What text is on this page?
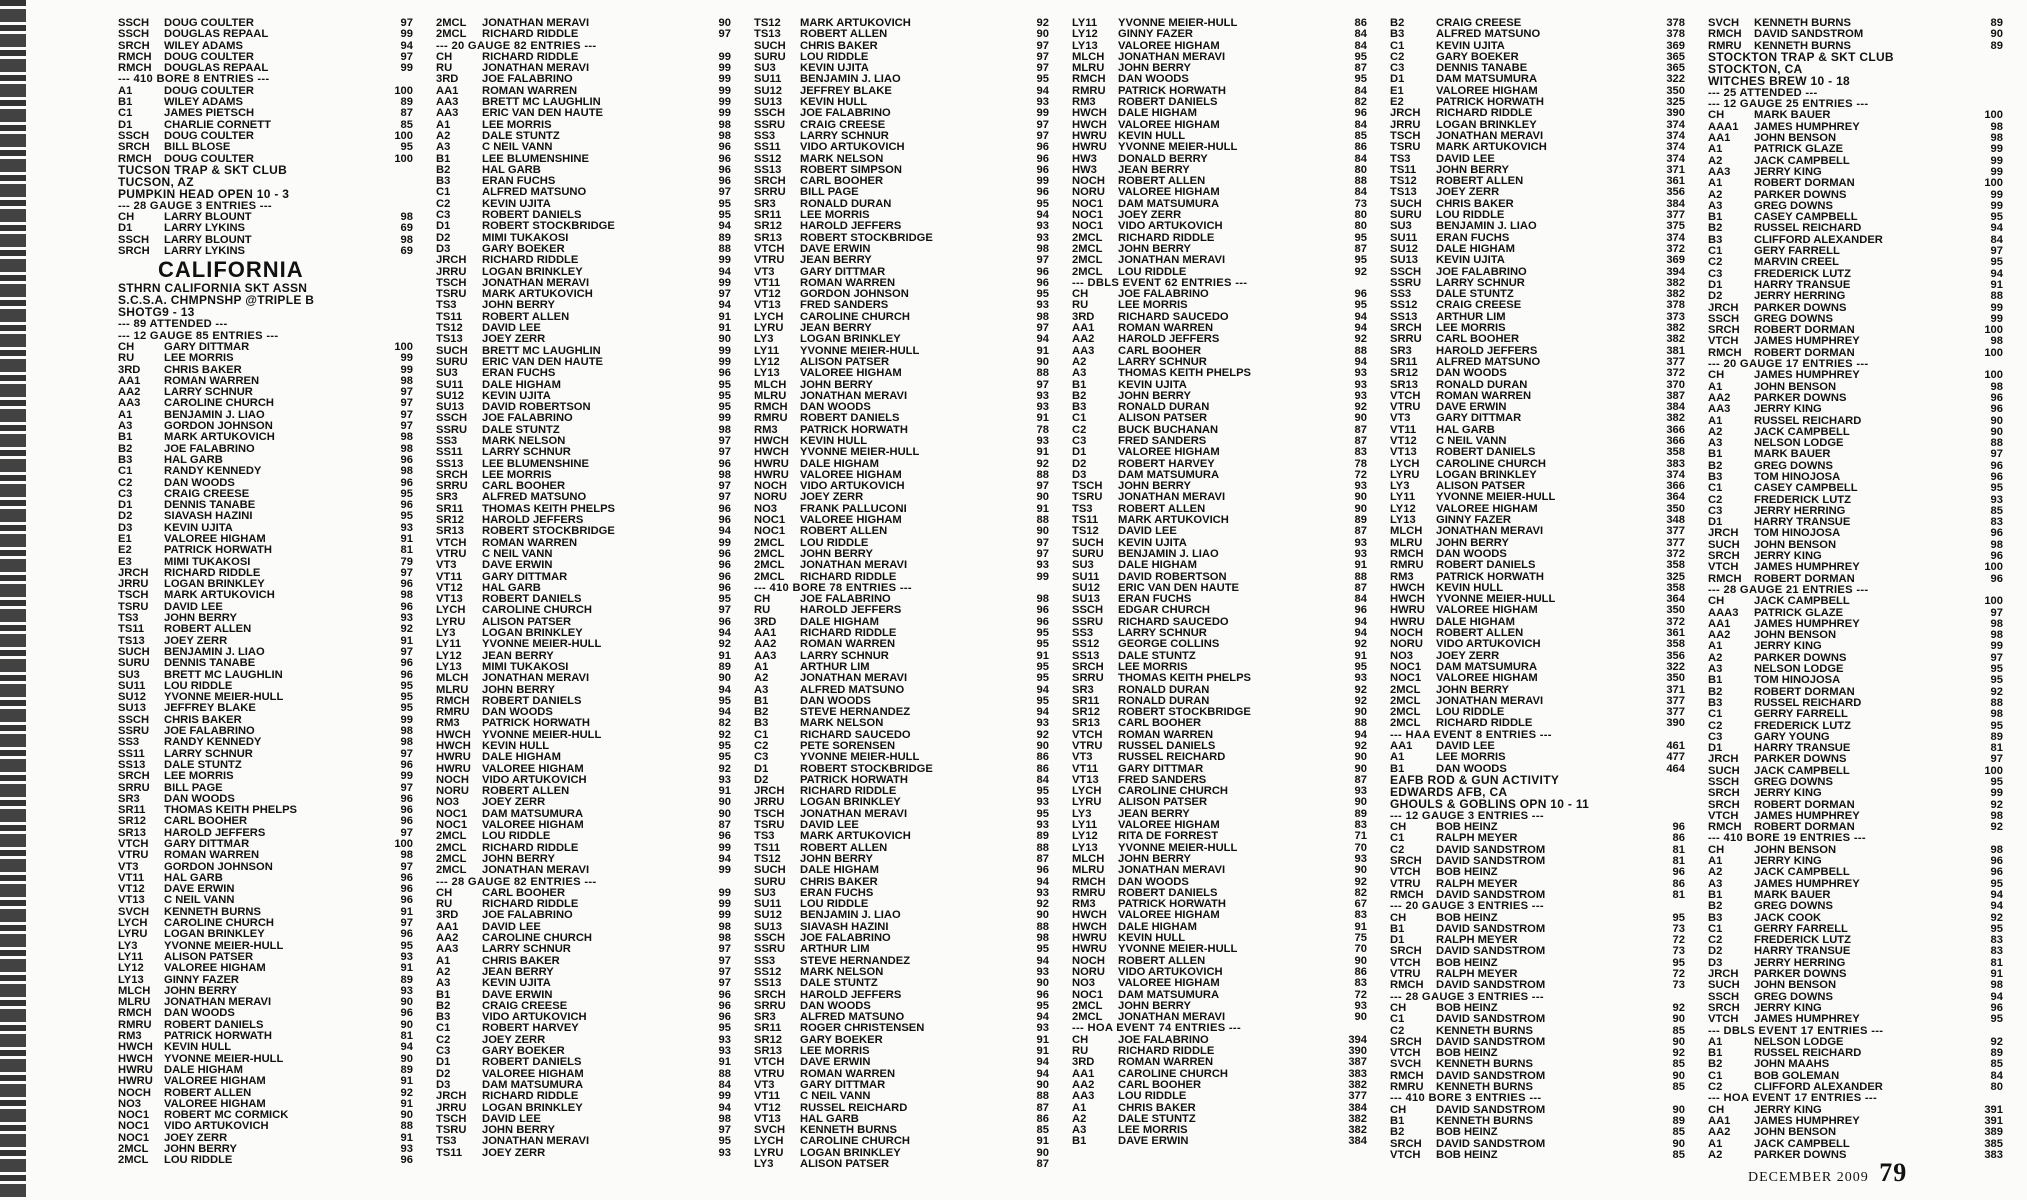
SSCH	DOUG COULTER	97
SSCH	DOUGLAS REPAAL	99
SRCH	WILEY ADAMS	94
RMCH	DOUG COULTER	97
RMCH	DOUGLAS REPAAL	99
--- 410 BORE 8 ENTRIES ---
A1	DOUG COULTER	100
B1	WILEY ADAMS	89
C1	JAMES PIETSCH	87
D1	CHARLIE CORNETT	85
SSCH	DOUG COULTER	100
SRCH	BILL BLOSE	95
RMCH	DOUG COULTER	100
TUCSON TRAP & SKT CLUB
TUCSON, AZ
PUMPKIN HEAD OPEN 10 - 3
--- 28 GAUGE 3 ENTRIES ---
CH	LARRY BLOUNT	98
D1	LARRY LYKINS	69
SSCH	LARRY BLOUNT	98
SRCH	LARRY LYKINS	69
CALIFORNIA
STHRN CALIFORNIA SKT ASSN
S.C.S.A. CHMPNSHP @TRIPLE B
SHOTG9 - 13
--- 89 ATTENDED ---
--- 12 GAUGE 85 ENTRIES ---
CH	GARY DITTMAR	100
RU	LEE MORRIS	99
3RD	CHRIS BAKER	99
AA1	ROMAN WARREN	98
AA2	LARRY SCHNUR	97
AA3	CAROLINE CHURCH	97
A1	BENJAMIN J. LIAO	97
A3	GORDON JOHNSON	97
B1	MARK ARTUKOVICH	98
B2	JOE FALABRINO	98
B3	HAL GARB	96
C1	RANDY KENNEDY	98
C2	DAN WOODS	96
C3	CRAIG CREESE	95
D1	DENNIS TANABE	96
D2	SIAVASH HAZINI	95
D3	KEVIN UJITA	93
E1	VALOREE HIGHAM	91
E2	PATRICK HORWATH	81
E3	MIMI TUKAKOSI	79
JRCH	RICHARD RIDDLE	97
JRRU	LOGAN BRINKLEY	96
TSCH	MARK ARTUKOVICH	98
TSRU	DAVID LEE	96
TS3	JOHN BERRY	93
TS11	ROBERT ALLEN	92
TS13	JOEY ZERR	91
SUCH	BENJAMIN J. LIAO	97
SURU	DENNIS TANABE	96
SU3	BRETT MC LAUGHLIN	96
SU11	LOU RIDDLE	95
SU12	YVONNE MEIER-HULL	95
SU13	JEFFREY BLAKE	95
SSCH	CHRIS BAKER	99
SSRU	JOE FALABRINO	98
SS3	RANDY KENNEDY	98
SS11	LARRY SCHNUR	97
SS13	DALE STUNTZ	96
SRCH	LEE MORRIS	99
SRRU	BILL PAGE	97
SR3	DAN WOODS	96
SR11	THOMAS KEITH PHELPS	96
SR12	CARL BOOHER	96
SR13	HAROLD JEFFERS	97
VTCH	GARY DITTMAR	100
VTRU	ROMAN WARREN	98
VT3	GORDON JOHNSON	97
VT11	HAL GARB	96
VT12	DAVE ERWIN	96
VT13	C NEIL VANN	96
SVCH	KENNETH BURNS	91
LYCH	CAROLINE CHURCH	97
LYRU	LOGAN BRINKLEY	96
LY3	YVONNE MEIER-HULL	95
LY11	ALISON PATSER	93
LY12	VALOREE HIGHAM	91
LY13	GINNY FAZER	89
MLCH	JOHN BERRY	93
MLRU	JONATHAN MERAVI	90
RMCH	DAN WOODS	96
RMRU	ROBERT DANIELS	90
RM3	PATRICK HORWATH	81
HWCH KEVIN HULL	94
HWCH YVONNE MEIER-HULL	90
HWRU DALE HIGHAM	89
HWRU VALOREE HIGHAM	91
NOCH	ROBERT ALLEN	92
NO3	VALOREE HIGHAM	91
NOC1	ROBERT MC CORMICK	90
NOC1	VIDO ARTUKOVICH	88
NOC1	JOEY ZERR	91
2MCL	JOHN BERRY	93
2MCL	LOU RIDDLE	96
2MCL	JONATHAN MERAVI	90
2MCL	RICHARD RIDDLE	97
--- 20 GAUGE 82 ENTRIES ---
CH	RICHARD RIDDLE	99
RU	JONATHAN MERAVI	99
3RD	JOE FALABRINO	99
AA1	ROMAN WARREN	99
AA3	BRETT MC LAUGHLIN	99
AA3	ERIC VAN DEN HAUTE	99
A1	LEE MORRIS	98
A2	DALE STUNTZ	98
A3	C NEIL VANN	96
B1	LEE BLUMENSHINE	96
B2	HAL GARB	96
B3	ERAN FUCHS	96
C1	ALFRED MATSUNO	97
C2	KEVIN UJITA	95
C3	ROBERT DANIELS	95
D1	ROBERT STOCKBRIDGE	94
D2	MIMI TUKAKOSI	89
D3	GARY BOEKER	88
JRCH	RICHARD RIDDLE	99
JRRU	LOGAN BRINKLEY	94
TSCH	JONATHAN MERAVI	99
TSRU	MARK ARTUKOVICH	97
TS3	JOHN BERRY	94
TS11	ROBERT ALLEN	91
TS12	DAVID LEE	91
TS13	JOEY ZERR	90
SUCH	BRETT MC LAUGHLIN	99
SURU	ERIC VAN DEN HAUTE	99
SU3	ERAN FUCHS	96
SU11	DALE HIGHAM	95
SU12	KEVIN UJITA	95
SU13	DAVID ROBERTSON	95
SSCH	JOE FALABRINO	99
SSRU	DALE STUNTZ	98
SS3	MARK NELSON	97
SS11	LARRY SCHNUR	97
SS13	LEE BLUMENSHINE	96
SRCH	LEE MORRIS	98
SRRU	CARL BOOHER	97
SR3	ALFRED MATSUNO	97
SR11	THOMAS KEITH PHELPS	96
SR12	HAROLD JEFFERS	96
SR13	ROBERT STOCKBRIDGE	94
VTCH	ROMAN WARREN	99
VTRU	C NEIL VANN	96
VT3	DAVE ERWIN	96
VT11	GARY DITTMAR	96
VT12	HAL GARB	96
VT13	ROBERT DANIELS	95
LYCH	CAROLINE CHURCH	97
LYRU	ALISON PATSER	96
LY3	LOGAN BRINKLEY	94
LY11	YVONNE MEIER-HULL	92
LY12	JEAN BERRY	91
LY13	MIMI TUKAKOSI	89
MLCH	JONATHAN MERAVI	90
MLRU	JOHN BERRY	94
RMCH	ROBERT DANIELS	95
RMRU	DAN WOODS	94
RM3	PATRICK HORWATH	82
HWCH YVONNE MEIER-HULL	92
HWCH KEVIN HULL	95
HWRU DALE HIGHAM	95
HWRU VALOREE HIGHAM	92
NOCH	VIDO ARTUKOVICH	93
NORU	ROBERT ALLEN	91
NO3	JOEY ZERR	90
NOC1	DAM MATSUMURA	90
NOC1	VALOREE HIGHAM	87
2MCL	LOU RIDDLE	96
2MCL	RICHARD RIDDLE	99
2MCL	JOHN BERRY	94
2MCL	JONATHAN MERAVI	99
--- 28 GAUGE 82 ENTRIES ---
CH	CARL BOOHER	99
RU	RICHARD RIDDLE	99
3RD	JOE FALABRINO	99
AA1	DAVID LEE	98
AA2	CAROLINE CHURCH	98
AA3	LARRY SCHNUR	97
A1	CHRIS BAKER	97
A2	JEAN BERRY	97
A3	KEVIN UJITA	97
B1	DAVE ERWIN	96
B2	CRAIG CREESE	96
B3	VIDO ARTUKOVICH	96
C1	ROBERT HARVEY	95
C2	JOEY ZERR	93
C3	GARY BOEKER	93
D1	ROBERT DANIELS	91
D2	VALOREE HIGHAM	88
D3	DAM MATSUMURA	84
JRCH	RICHARD RIDDLE	99
JRRU	LOGAN BRINKLEY	94
TSCH	DAVID LEE	98
TSRU	JOHN BERRY	97
TS3	JONATHAN MERAVI	95
TS11	JOEY ZERR	93
TS12	MARK ARTUKOVICH	92
TS13	ROBERT ALLEN	90
SUCH	CHRIS BAKER	97
SURU	LOU RIDDLE	97
SU3	KEVIN UJITA	97
SU11	BENJAMIN J. LIAO	95
SU12	JEFFREY BLAKE	94
SU13	KEVIN HULL	93
SSCH	JOE FALABRINO	99
SSRU	CRAIG CREESE	97
SS3	LARRY SCHNUR	97
SS11	VIDO ARTUKOVICH	96
SS12	MARK NELSON	96
SS13	ROBERT SIMPSON	96
SRCH	CARL BOOHER	99
SRRU	BILL PAGE	96
SR3	RONALD DURAN	95
SR11	LEE MORRIS	94
SR12	HAROLD JEFFERS	93
SR13	ROBERT STOCKBRIDGE	93
VTCH	DAVE ERWIN	98
VTRU	JEAN BERRY	97
VT3	GARY DITTMAR	96
VT11	ROMAN WARREN	96
VT12	GORDON JOHNSON	95
VT13	FRED SANDERS	93
LYCH	CAROLINE CHURCH	98
LYRU	JEAN BERRY	97
LY3	LOGAN BRINKLEY	94
LY11	YVONNE MEIER-HULL	91
LY12	ALISON PATSER	90
LY13	VALOREE HIGHAM	88
MLCH	JOHN BERRY	97
MLRU	JONATHAN MERAVI	93
RMCH	DAN WOODS	93
RMRU	ROBERT DANIELS	91
RM3	PATRICK HORWATH	78
HWCH KEVIN HULL	93
HWCH YVONNE MEIER-HULL	91
HWRU DALE HIGHAM	92
HWRU VALOREE HIGHAM	88
NOCH	VIDO ARTUKOVICH	97
NORU	JOEY ZERR	90
NO3	FRANK PALLUCONI	91
NOC1	VALOREE HIGHAM	88
NOC1	ROBERT ALLEN	90
2MCL	LOU RIDDLE	97
2MCL	JOHN BERRY	97
2MCL	JONATHAN MERAVI	93
2MCL	RICHARD RIDDLE	99
--- 410 BORE 78 ENTRIES ---
CH	JOE FALABRINO	98
RU	HAROLD JEFFERS	96
3RD	DALE HIGHAM	96
AA1	RICHARD RIDDLE	95
AA2	ROMAN WARREN	95
AA3	LARRY SCHNUR	91
A1	ARTHUR LIM	95
A2	JONATHAN MERAVI	95
A3	ALFRED MATSUNO	94
B1	DAN WOODS	95
B2	STEVE HERNANDEZ	94
B3	MARK NELSON	93
C1	RICHARD SAUCEDO	92
C2	PETE SORENSEN	90
C3	YVONNE MEIER-HULL	86
D1	ROBERT STOCKBRIDGE	86
D2	PATRICK HORWATH	84
JRCH	RICHARD RIDDLE	95
JRRU	LOGAN BRINKLEY	93
TSCH	JONATHAN MERAVI	95
TSRU	DAVID LEE	93
TS3	MARK ARTUKOVICH	89
TS11	ROBERT ALLEN	88
TS12	JOHN BERRY	87
SUCH	DALE HIGHAM	96
SURU	CHRIS BAKER	94
SU3	ERAN FUCHS	93
SU11	LOU RIDDLE	92
SU12	BENJAMIN J. LIAO	90
SU13	SIAVASH HAZINI	88
SSCH	JOE FALABRINO	98
SSRU	ARTHUR LIM	95
SS3	STEVE HERNANDEZ	94
SS12	MARK NELSON	93
SS13	DALE STUNTZ	90
SRCH	HAROLD JEFFERS	96
SRRU	DAN WOODS	95
SR3	ALFRED MATSUNO	94
SR11	ROGER CHRISTENSEN	93
SR12	GARY BOEKER	91
SR13	LEE MORRIS	91
VTCH	DAVE ERWIN	94
VTRU	ROMAN WARREN	94
VT3	GARY DITTMAR	90
VT11	C NEIL VANN	88
VT12	RUSSEL REICHARD	87
VT13	HAL GARB	86
SVCH	KENNETH BURNS	85
LYCH	CAROLINE CHURCH	91
LYRU	LOGAN BRINKLEY	90
LY3	ALISON PATSER	87
LY11	YVONNE MEIER-HULL	86
LY12	GINNY FAZER	84
LY13	VALOREE HIGHAM	84
MLCH	JONATHAN MERAVI	95
MLRU	JOHN BERRY	87
RMCH	DAN WOODS	95
RMRU	PATRICK HORWATH	84
RM3	ROBERT DANIELS	82
HWCH DALE HIGHAM	96
HWCH VALOREE HIGHAM	84
HWRU KEVIN HULL	85
HWRU YVONNE MEIER-HULL	86
HW3	DONALD BERRY	84
HW3	JEAN BERRY	80
NOCH	ROBERT ALLEN	88
NORU	VALOREE HIGHAM	84
NOC1	DAM MATSUMURA	73
NOC1	JOEY ZERR	80
NOC1	VIDO ARTUKOVICH	80
2MCL	RICHARD RIDDLE	95
2MCL	JOHN BERRY	87
2MCL	JONATHAN MERAVI	95
2MCL	LOU RIDDLE	92
--- DBLS EVENT 62 ENTRIES ---
CH	JOE FALABRINO	96
RU	LEE MORRIS	95
3RD	RICHARD SAUCEDO	94
AA1	ROMAN WARREN	94
AA2	HAROLD JEFFERS	92
AA3	CARL BOOHER	88
A2	LARRY SCHNUR	94
A3	THOMAS KEITH PHELPS	93
B1	KEVIN UJITA	93
B2	JOHN BERRY	93
B3	RONALD DURAN	92
C1	ALISON PATSER	90
C2	BUCK BUCHANAN	87
C3	FRED SANDERS	87
D1	VALOREE HIGHAM	83
D2	ROBERT HARVEY	78
D3	DAM MATSUMURA	72
TSCH	JOHN BERRY	93
TSRU	JONATHAN MERAVI	90
TS3	ROBERT ALLEN	90
TS11	MARK ARTUKOVICH	89
TS12	DAVID LEE	87
SUCH	KEVIN UJITA	93
SURU	BENJAMIN J. LIAO	93
SU3	DALE HIGHAM	91
SU11	DAVID ROBERTSON	88
SU12	ERIC VAN DEN HAUTE	87
SU13	ERAN FUCHS	84
SSCH	EDGAR CHURCH	96
SSRU	RICHARD SAUCEDO	94
SS3	LARRY SCHNUR	94
SS12	GEORGE COLLINS	92
SS13	DALE STUNTZ	91
SRCH	LEE MORRIS	95
SRRU	THOMAS KEITH PHELPS	93
SR3	RONALD DURAN	92
SR11	RONALD DURAN	92
SR12	ROBERT STOCKBRIDGE	90
SR13	CARL BOOHER	88
VTCH	ROMAN WARREN	94
VTRU	RUSSEL DANIELS	92
VT3	RUSSEL REICHARD	90
VT11	GARY DITTMAR	90
VT13	FRED SANDERS	87
LYCH	CAROLINE CHURCH	93
LYRU	ALISON PATSER	90
LY3	JEAN BERRY	89
LY11	VALOREE HIGHAM	83
LY12	RITA DE FORREST	71
LY13	YVONNE MEIER-HULL	70
MLCH	JOHN BERRY	93
MLRU	JONATHAN MERAVI	90
RMCH	DAN WOODS	92
RMRU	ROBERT DANIELS	82
RM3	PATRICK HORWATH	67
HWCH VALOREE HIGHAM	83
HWCH DALE HIGHAM	91
HWRU KEVIN HULL	75
HWRU YVONNE MEIER-HULL	70
NOCH	ROBERT ALLEN	90
NORU	VIDO ARTUKOVICH	86
NO3	VALOREE HIGHAM	83
NOC1	DAM MATSUMURA	72
2MCL	JOHN BERRY	93
2MCL	JONATHAN MERAVI	90
--- HOA EVENT 74 ENTRIES ---
CH	JOE FALABRINO	394
RU	RICHARD RIDDLE	390
3RD	ROMAN WARREN	387
AA1	CAROLINE CHURCH	383
AA2	CARL BOOHER	382
AA3	LOU RIDDLE	377
A1	CHRIS BAKER	384
A2	DALE STUNTZ	382
A3	LEE MORRIS	382
B1	DAVE ERWIN	384
B2	CRAIG CREESE	378
B3	ALFRED MATSUNO	378
C1	KEVIN UJITA	369
C2	GARY BOEKER	365
C3	DENNIS TANABE	365
D1	DAM MATSUMURA	322
E1	VALOREE HIGHAM	350
E2	PATRICK HORWATH	325
JRCH	RICHARD RIDDLE	390
JRRU	LOGAN BRINKLEY	374
TSCH	JONATHAN MERAVI	374
TSRU	MARK ARTUKOVICH	374
TS3	DAVID LEE	374
TS11	JOHN BERRY	371
TS12	ROBERT ALLEN	361
TS13	JOEY ZERR	356
SUCH	CHRIS BAKER	384
SURU	LOU RIDDLE	377
SU3	BENJAMIN J. LIAO	375
SU11	ERAN FUCHS	374
SU12	DALE HIGHAM	372
SU13	KEVIN UJITA	369
SSCH	JOE FALABRINO	394
SSRU	LARRY SCHNUR	382
SS3	DALE STUNTZ	382
SS12	CRAIG CREESE	378
SS13	ARTHUR LIM	373
SRCH	LEE MORRIS	382
SRRU	CARL BOOHER	382
SR3	HAROLD JEFFERS	381
SR11	ALFRED MATSUNO	377
SR12	DAN WOODS	372
SR13	RONALD DURAN	370
VTCH	ROMAN WARREN	387
VTRU	DAVE ERWIN	384
VT3	GARY DITTMAR	382
VT11	HAL GARB	366
VT12	C NEIL VANN	366
VT13	ROBERT DANIELS	358
LYCH	CAROLINE CHURCH	383
LYRU	LOGAN BRINKLEY	374
LY3	ALISON PATSER	366
LY11	YVONNE MEIER-HULL	364
LY12	VALOREE HIGHAM	350
LY13	GINNY FAZER	348
MLCH	JONATHAN MERAVI	377
MLRU	JOHN BERRY	377
RMCH	DAN WOODS	372
RMRU	ROBERT DANIELS	358
RM3	PATRICK HORWATH	325
HWCH KEVIN HULL	358
HWCH YVONNE MEIER-HULL	364
HWRU VALOREE HIGHAM	350
HWRU DALE HIGHAM	372
NOCH	ROBERT ALLEN	361
NORU	VIDO ARTUKOVICH	358
NO3	JOEY ZERR	356
NOC1	DAM MATSUMURA	322
NOC1	VALOREE HIGHAM	350
2MCL	JOHN BERRY	371
2MCL	JONATHAN MERAVI	377
2MCL	LOU RIDDLE	377
2MCL	RICHARD RIDDLE	390
--- HAA EVENT 8 ENTRIES ---
AA1	DAVID LEE	461
A1	LEE MORRIS	477
B1	DAN WOODS	464
EAFB ROD & GUN ACTIVITY
EDWARDS AFB, CA
GHOULS & GOBLINS OPN 10 - 11
--- 12 GAUGE 3 ENTRIES ---
CH	BOB HEINZ	96
C1	RALPH MEYER	86
C2	DAVID SANDSTROM	81
SRCH	DAVID SANDSTROM	81
VTCH	BOB HEINZ	96
VTRU	RALPH MEYER	86
RMCH	DAVID SANDSTROM	81
--- 20 GAUGE 3 ENTRIES ---
CH	BOB HEINZ	95
B1	DAVID SANDSTROM	73
D1	RALPH MEYER	72
SRCH	DAVID SANDSTROM	73
VTCH	BOB HEINZ	95
VTRU	RALPH MEYER	72
RMCH	DAVID SANDSTROM	73
--- 28 GAUGE 3 ENTRIES ---
CH	BOB HEINZ	92
C1	DAVID SANDSTROM	90
C2	KENNETH BURNS	85
SRCH	DAVID SANDSTROM	90
VTCH	BOB HEINZ	92
SVCH	KENNETH BURNS	85
RMCH	DAVID SANDSTROM	90
RMRU	KENNETH BURNS	85
--- 410 BORE 3 ENTRIES ---
CH	DAVID SANDSTROM	90
B1	KENNETH BURNS	89
B2	BOB HEINZ	85
SRCH	DAVID SANDSTROM	90
VTCH	BOB HEINZ	85
SVCH	KENNETH BURNS	89
RMCH	DAVID SANDSTROM	90
RMRU	KENNETH BURNS	89
STOCKTON TRAP & SKT CLUB
STOCKTON, CA
WITCHES BREW 10 - 18
--- 25 ATTENDED ---
--- 12 GAUGE 25 ENTRIES ---
CH	MARK BAUER	100
AAA1	JAMES HUMPHREY	98
AA1	JOHN BENSON	98
A1	PATRICK GLAZE	99
A2	JACK CAMPBELL	99
AA3	JERRY KING	99
A1	ROBERT DORMAN	100
A2	PARKER DOWNS	99
A3	GREG DOWNS	99
B1	CASEY CAMPBELL	95
B2	RUSSEL REICHARD	94
B3	CLIFFORD ALEXANDER	84
C1	GERY FARRELL	97
C2	MARVIN CREEL	95
C3	FREDERICK LUTZ	94
D1	HARRY TRANSUE	91
D2	JERRY HERRING	88
JRCH	PARKER DOWNS	99
SSCH	GREG DOWNS	99
SRCH	ROBERT DORMAN	100
VTCH	JAMES HUMPHREY	98
RMCH	ROBERT DORMAN	100
--- 20 GAUGE 17 ENTRIES ---
CH	JAMES HUMPHREY	100
A1	JOHN BENSON	98
AA2	PARKER DOWNS	96
AA3	JERRY KING	96
A1	RUSSEL REICHARD	90
A2	JACK CAMPBELL	90
A3	NELSON LODGE	88
B1	MARK BAUER	97
B2	GREG DOWNS	96
B3	TOM HINOJOSA	96
C1	CASEY CAMPBELL	95
C2	FREDERICK LUTZ	93
C3	JERRY HERRING	85
D1	HARRY TRANSUE	83
JRCH	TOM HINOJOSA	96
SUCH	JOHN BENSON	98
SRCH	JERRY KING	96
VTCH	JAMES HUMPHREY	100
RMCH	ROBERT DORMAN	96
--- 28 GAUGE 21 ENTRIES ---
CH	JACK CAMPBELL	100
AAA3	PATRICK GLAZE	97
AA1	JAMES HUMPHREY	98
AA2	JOHN BENSON	98
A1	JERRY KING	99
A2	PARKER DOWNS	97
A3	NELSON LODGE	95
B1	TOM HINOJOSA	95
B2	ROBERT DORMAN	92
B3	RUSSEL REICHARD	88
C1	GERRY FARRELL	98
C2	FREDERICK LUTZ	95
C3	GARY YOUNG	89
D1	HARRY TRANSUE	81
JRCH	PARKER DOWNS	97
SUCH	JACK CAMPBELL	100
SSCH	GREG DOWNS	95
SRCH	JERRY KING	99
SRCH	ROBERT DORMAN	92
VTCH	JAMES HUMPHREY	98
RMCH	ROBERT DORMAN	92
--- 410 BORE 19 ENTRIES ---
CH	JOHN BENSON	98
A1	JERRY KING	96
A2	JACK CAMPBELL	96
A3	JAMES HUMPHREY	95
B1	MARK BAUER	94
B2	GREG DOWNS	94
B3	JACK COOK	92
C1	GERRY FARRELL	95
C2	FREDERICK LUTZ	83
D2	HARRY TRANSUE	83
D3	JERRY HERRING	81
JRCH	PARKER DOWNS	91
SUCH	JOHN BENSON	98
SSCH	GREG DOWNS	94
SRCH	JERRY KING	96
VTCH	JAMES HUMPHREY	95
--- DBLS EVENT 17 ENTRIES ---
A1	NELSON LODGE	92
B1	RUSSEL REICHARD	89
B2	JOHN MAAHS	85
C1	BOB GOLEMAN	84
C2	CLIFFORD ALEXANDER	80
--- HOA EVENT 17 ENTRIES ---
CH	JERRY KING	391
AA1	JAMES HUMPHREY	391
AA2	JOHN BENSON	389
A1	JACK CAMPBELL	385
A2	PARKER DOWNS	383
DECEMBER 2009 79
